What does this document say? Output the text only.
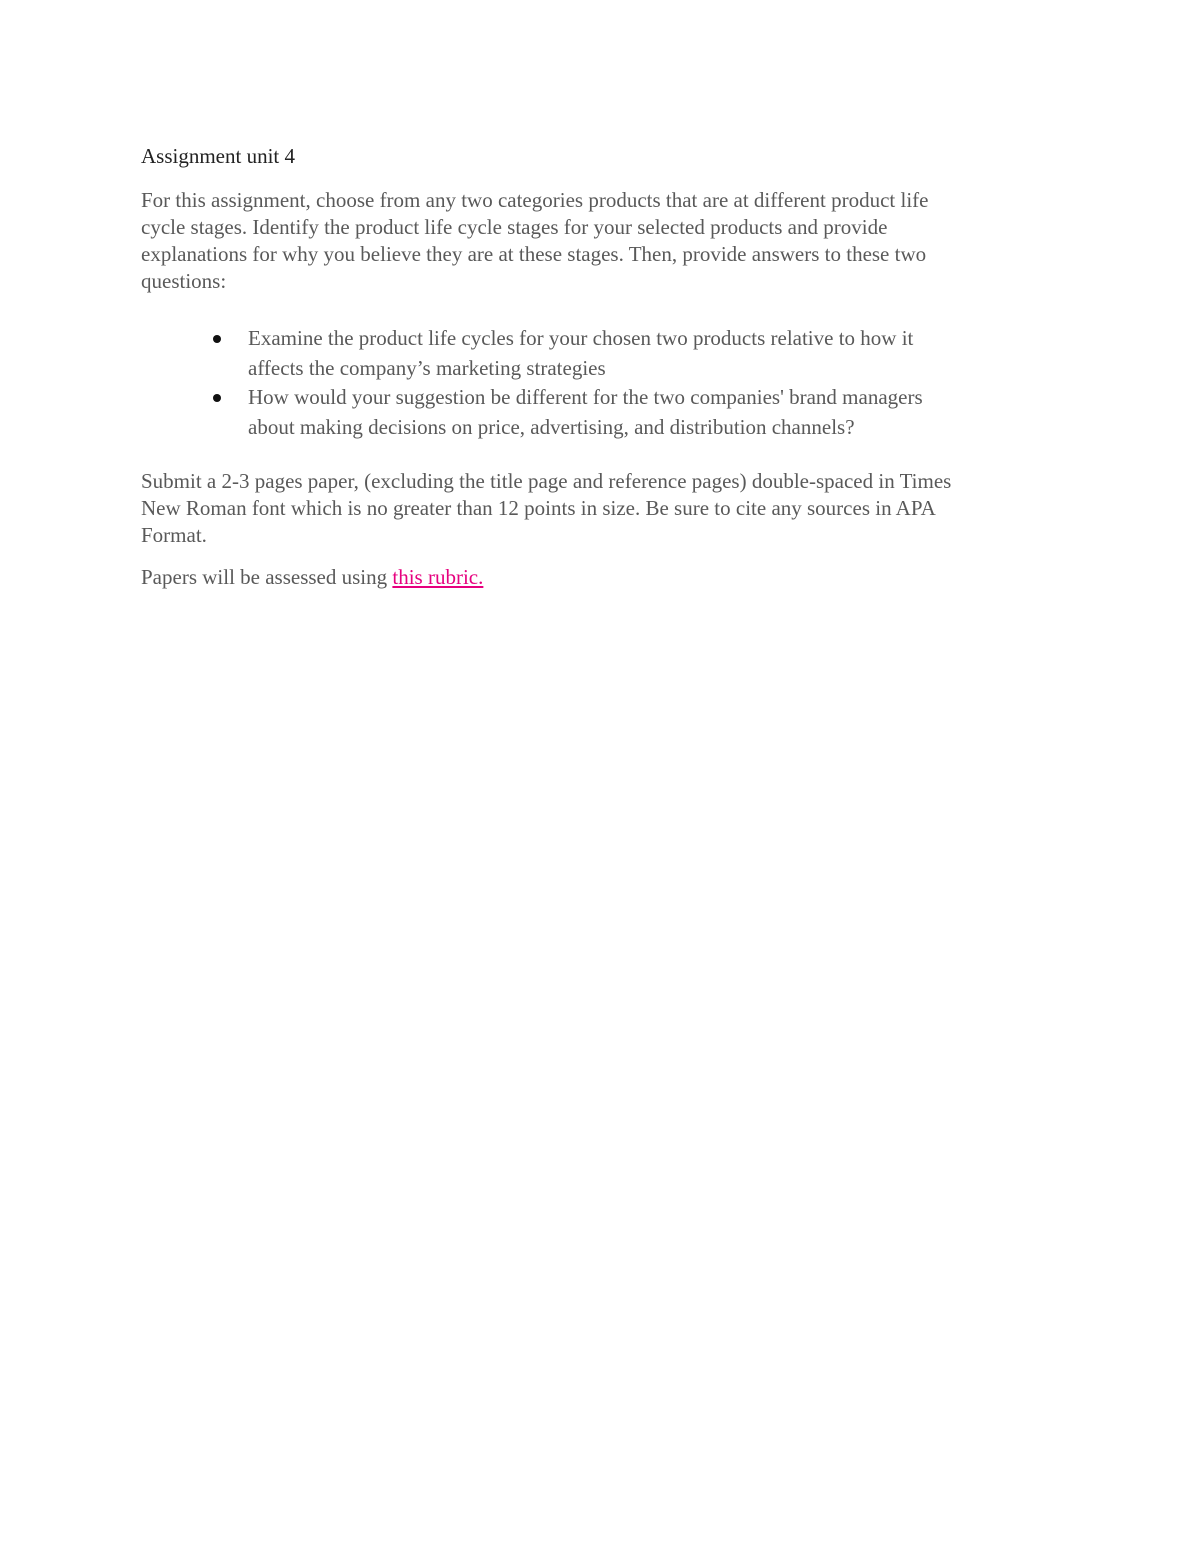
Assignment unit 4
For this assignment, choose from any two categories products that are at different product life
cycle stages. Identify the product life cycle stages for your selected products and provide
explanations for why you believe they are at these stages. Then, provide answers to these two
questions:
Examine the product life cycles for your chosen two products relative to how it
affects the company’s marketing strategies
How would your suggestion be different for the two companies' brand managers
about making decisions on price, advertising, and distribution channels?
Submit a 2-3 pages paper, (excluding the title page and reference pages) double-spaced in Times
New Roman font which is no greater than 12 points in size. Be sure to cite any sources in APA
Format.
Papers will be assessed using this rubric.
